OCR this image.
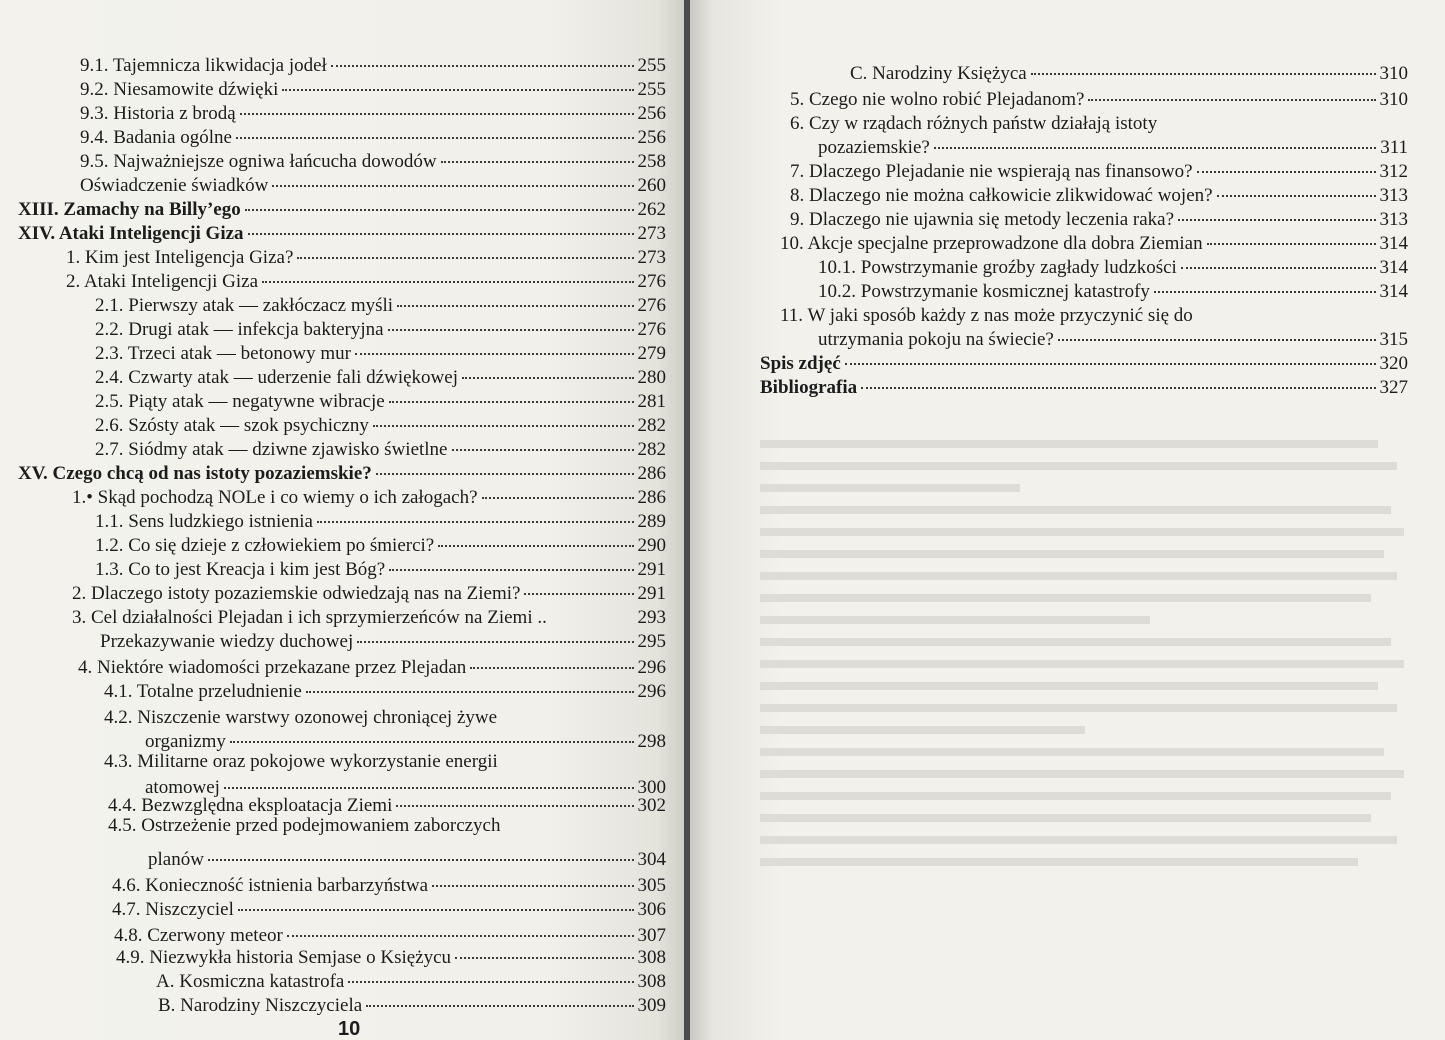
9.1. Tajemnicza likwidacja jodeł	255
9.2. Niesamowite dźwięki	255
9.3. Historia z brodą	256
9.4. Badania ogólne	256
9.5. Najważniejsze ogniwa łańcucha dowodów	258
Oświadczenie świadków	260
XIII. Zamachy na Billy’ego	262
XIV. Ataki Inteligencji Giza	273
1. Kim jest Inteligencja Giza?	273
2. Ataki Inteligencji Giza	276
2.1. Pierwszy atak — zakłóczacz myśli	276
2.2. Drugi atak — infekcja bakteryjna	276
2.3. Trzeci atak — betonowy mur	279
2.4. Czwarty atak — uderzenie fali dźwiękowej	280
2.5. Piąty atak — negatywne wibracje	281
2.6. Szósty atak — szok psychiczny	282
2.7. Siódmy atak — dziwne zjawisko świetlne	282
XV. Czego chcą od nas istoty pozaziemskie?	286
1.• Skąd pochodzą NOLe i co wiemy o ich załogach?	286
1.1. Sens ludzkiego istnienia	289
1.2. Co się dzieje z człowiekiem po śmierci?	290
1.3. Co to jest Kreacja i kim jest Bóg?	291
2. Dlaczego istoty pozaziemskie odwiedzają nas na Ziemi?	291
3. Cel działalności Plejadan i ich sprzymierzeńców na Ziemi ..	293
Przekazywanie wiedzy duchowej	295
4. Niektóre wiadomości przekazane przez Plejadan	296
4.1. Totalne przeludnienie	296
4.2. Niszczenie warstwy ozonowej chroniącej żywe
organizmy	298
4.3. Militarne oraz pokojowe wykorzystanie energii
atomowej	300
4.4. Bezwzględna eksploatacja Ziemi	302
4.5. Ostrzeżenie przed podejmowaniem zaborczych
planów	304
4.6. Konieczność istnienia barbarzyństwa	305
4.7. Niszczyciel	306
4.8. Czerwony meteor	307
4.9. Niezwykła historia Semjase o Księżycu	308
A. Kosmiczna katastrofa	308
B. Narodziny Niszczyciela	309
10
C. Narodziny Księżyca	310
5. Czego nie wolno robić Plejadanom?	310
6. Czy w rządach różnych państw działają istoty
pozaziemskie?	311
7. Dlaczego Plejadanie nie wspierają nas finansowo?	312
8. Dlaczego nie można całkowicie zlikwidować wojen?	313
9. Dlaczego nie ujawnia się metody leczenia raka?	313
10. Akcje specjalne przeprowadzone dla dobra Ziemian	314
10.1. Powstrzymanie groźby zagłady ludzkości	314
10.2. Powstrzymanie kosmicznej katastrofy	314
11. W jaki sposób każdy z nas może przyczynić się do
utrzymania pokoju na świecie?	315
Spis zdjęć	320
Bibliografia	327
